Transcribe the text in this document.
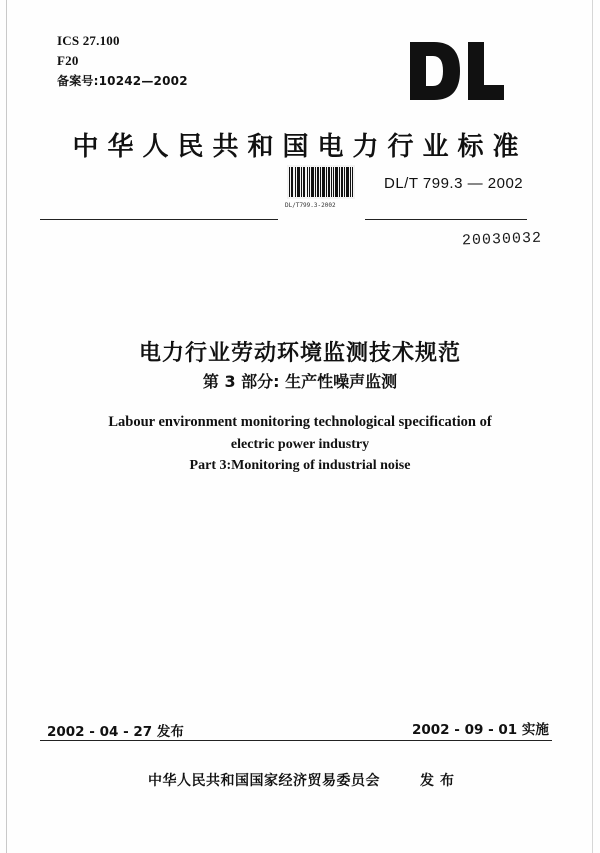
ICS 27.100
F20
备案号:10242—2002
中华人民共和国电力行业标准
DL/T799.3-2002
DL/T 799.3 — 2002
20030032
电力行业劳动环境监测技术规范
第 3 部分: 生产性噪声监测
Labour environment monitoring technological specification of
electric power industry
Part 3:Monitoring of industrial noise
2002 - 04 - 27 发布	2002 - 09 - 01 实施
中华人民共和国国家经济贸易委员会	发布
